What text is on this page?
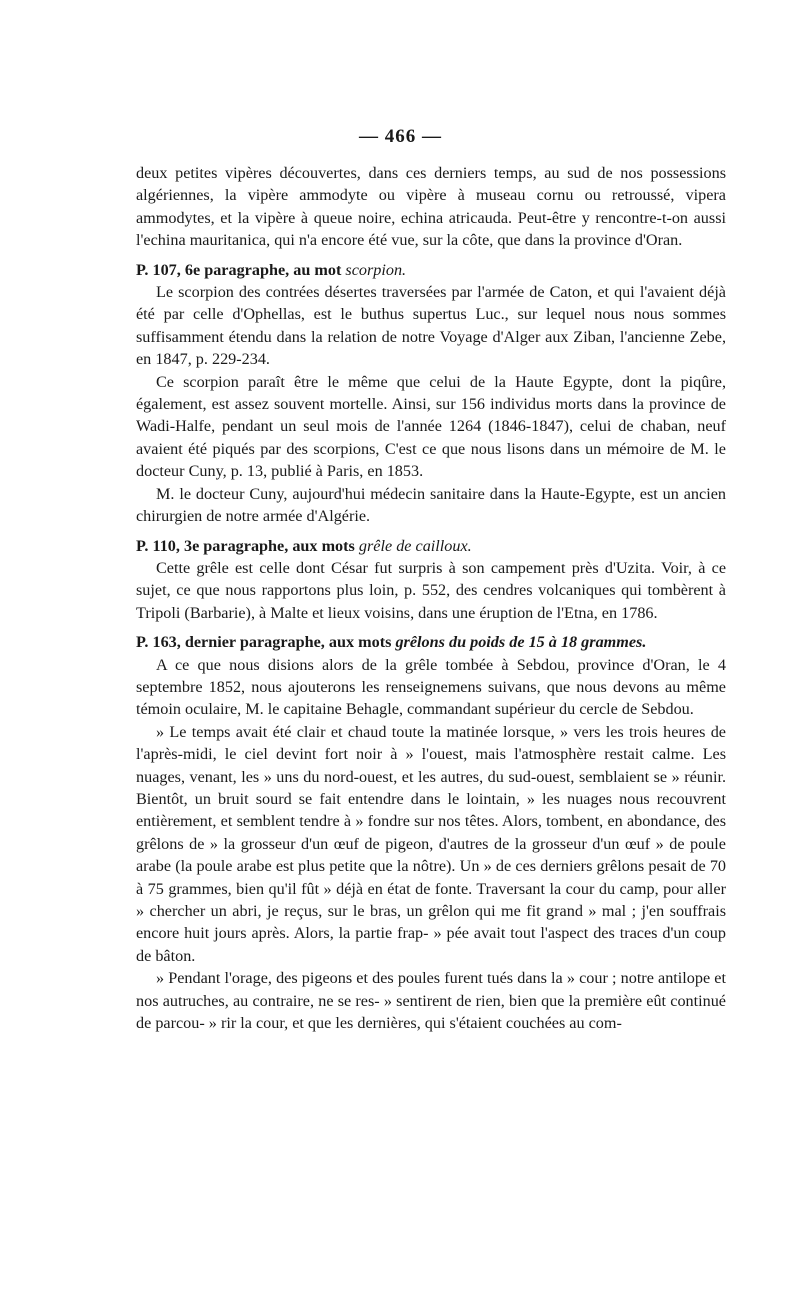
— 466 —

deux petites vipères découvertes, dans ces derniers temps, au sud de nos possessions algériennes, la vipère ammodyte ou vipère à museau cornu ou retroussé, vipera ammodytes, et la vipère à queue noire, echina atricauda. Peut-être y rencontre-t-on aussi l'echina mauritanica, qui n'a encore été vue, sur la côte, que dans la province d'Oran.

P. 107, 6e paragraphe, au mot scorpion.

Le scorpion des contrées désertes traversées par l'armée de Caton, et qui l'avaient déjà été par celle d'Ophellas, est le buthus supertus Luc., sur lequel nous nous sommes suffisamment étendu dans la relation de notre Voyage d'Alger aux Ziban, l'ancienne Zebe, en 1847, p. 229-234.

Ce scorpion paraît être le même que celui de la Haute Egypte, dont la piqûre, également, est assez souvent mortelle. Ainsi, sur 156 individus morts dans la province de Wadi-Halfe, pendant un seul mois de l'année 1264 (1846-1847), celui de chaban, neuf avaient été piqués par des scorpions, C'est ce que nous lisons dans un mémoire de M. le docteur Cuny, p. 13, publié à Paris, en 1853.

M. le docteur Cuny, aujourd'hui médecin sanitaire dans la Haute-Egypte, est un ancien chirurgien de notre armée d'Algérie.

P. 110, 3e paragraphe, aux mots grêle de cailloux.

Cette grêle est celle dont César fut surpris à son campement près d'Uzita. Voir, à ce sujet, ce que nous rapportons plus loin, p. 552, des cendres volcaniques qui tombèrent à Tripoli (Barbarie), à Malte et lieux voisins, dans une éruption de l'Etna, en 1786.

P. 163, dernier paragraphe, aux mots grêlons du poids de 15 à 18 grammes.

A ce que nous disions alors de la grêle tombée à Sebdou, province d'Oran, le 4 septembre 1852, nous ajouterons les renseignemens suivans, que nous devons au même témoin oculaire, M. le capitaine Behagle, commandant supérieur du cercle de Sebdou.

» Le temps avait été clair et chaud toute la matinée lorsque, » vers les trois heures de l'après-midi, le ciel devint fort noir à » l'ouest, mais l'atmosphère restait calme. Les nuages, venant, les » uns du nord-ouest, et les autres, du sud-ouest, semblaient se » réunir. Bientôt, un bruit sourd se fait entendre dans le lointain, » les nuages nous recouvrent entièrement, et semblent tendre à » fondre sur nos têtes. Alors, tombent, en abondance, des grêlons de » la grosseur d'un œuf de pigeon, d'autres de la grosseur d'un œuf » de poule arabe (la poule arabe est plus petite que la nôtre). Un » de ces derniers grêlons pesait de 70 à 75 grammes, bien qu'il fût » déjà en état de fonte. Traversant la cour du camp, pour aller » chercher un abri, je reçus, sur le bras, un grêlon qui me fit grand » mal ; j'en souffrais encore huit jours après. Alors, la partie frap- » pée avait tout l'aspect des traces d'un coup de bâton.

» Pendant l'orage, des pigeons et des poules furent tués dans la » cour ; notre antilope et nos autruches, au contraire, ne se res- » sentirent de rien, bien que la première eût continué de parcou- » rir la cour, et que les dernières, qui s'étaient couchées au com-
